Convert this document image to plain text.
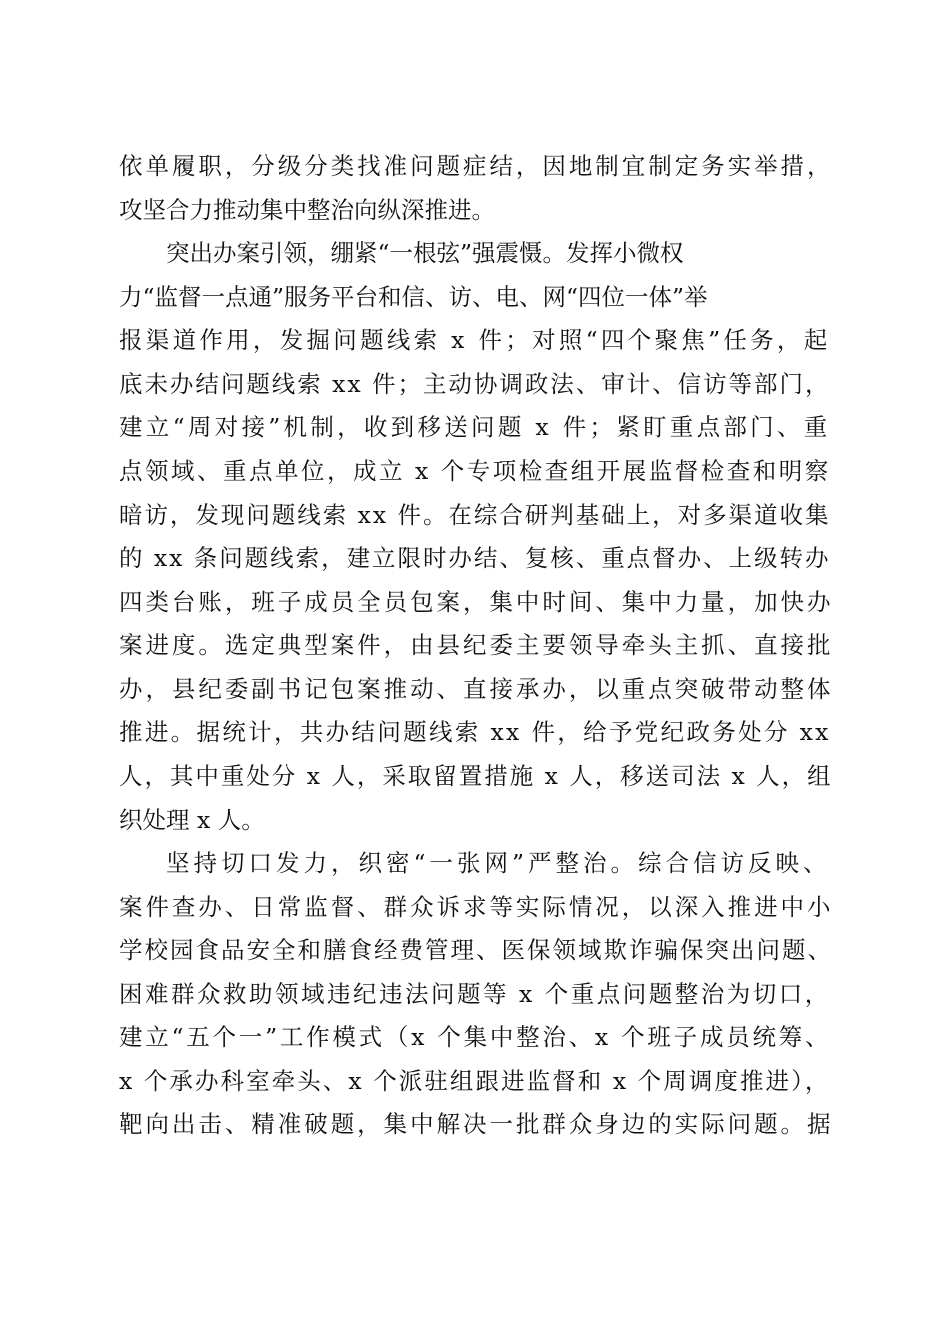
依单履职，分级分类找准问题症结，因地制宜制定务实举措，
攻坚合力推动集中整治向纵深推进。
突出办案引领，绷紧“一根弦”强震慑。发挥小微权
力“监督一点通”服务平台和信、访、电、网“四位一体”举
报渠道作用，发掘问题线索 x 件；对照“四个聚焦”任务，起
底未办结问题线索 xx 件；主动协调政法、审计、信访等部门，
建立“周对接”机制，收到移送问题 x 件；紧盯重点部门、重
点领域、重点单位，成立 x 个专项检查组开展监督检查和明察
暗访，发现问题线索 xx 件。在综合研判基础上，对多渠道收集
的 xx 条问题线索，建立限时办结、复核、重点督办、上级转办
四类台账，班子成员全员包案，集中时间、集中力量，加快办
案进度。选定典型案件，由县纪委主要领导牵头主抓、直接批
办，县纪委副书记包案推动、直接承办，以重点突破带动整体
推进。据统计，共办结问题线索 xx 件，给予党纪政务处分 xx
人，其中重处分 x 人，采取留置措施 x 人，移送司法 x 人，组
织处理 x 人。
坚持切口发力，织密“一张网”严整治。综合信访反映、
案件查办、日常监督、群众诉求等实际情况，以深入推进中小
学校园食品安全和膳食经费管理、医保领域欺诈骗保突出问题、
困难群众救助领域违纪违法问题等 x 个重点问题整治为切口，
建立“五个一”工作模式（x 个集中整治、x 个班子成员统筹、
x 个承办科室牵头、x 个派驻组跟进监督和 x 个周调度推进），
靶向出击、精准破题，集中解决一批群众身边的实际问题。据
